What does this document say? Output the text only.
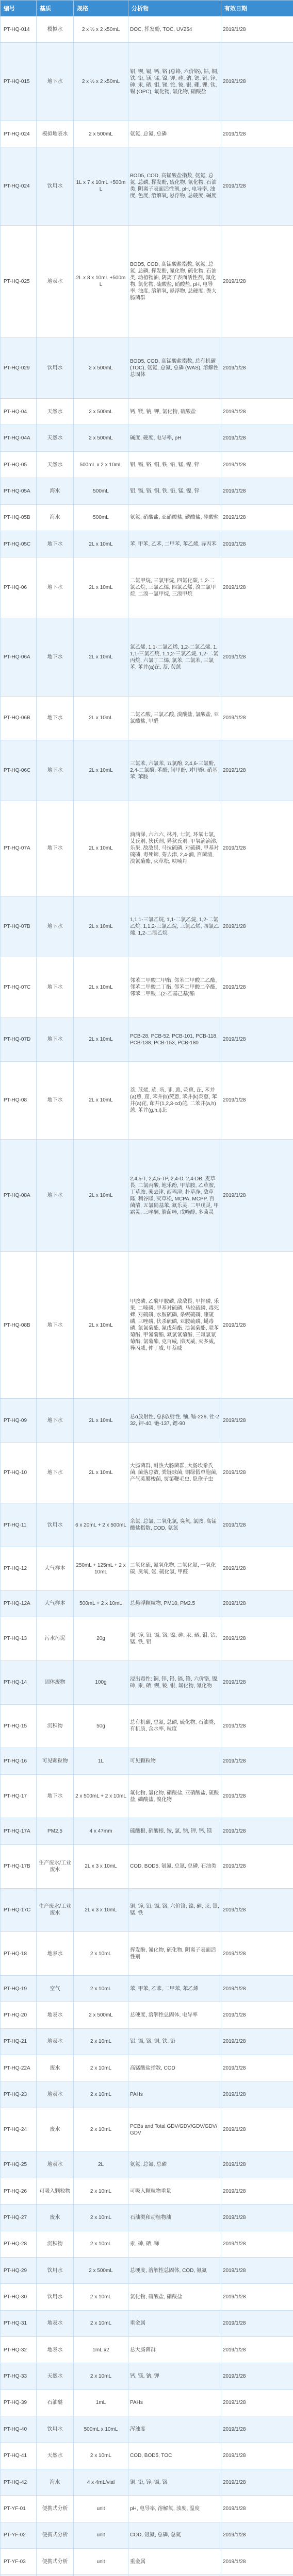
编号	基质	规格	分析物	有效日期
PT-HQ-014	模拟水	2 x ½ x 2 x50mL	DOC, 挥发酚, TOC, UV254	2019/1/28
PT-HQ-015	地下水	2 x ½ x 2 x50mL	铝, 钡, 镉, 钙, 铬 (总铬, 六价铬), 钴, 铜, 铁, 铅, 镁, 锰, 镍, 钾, 硅, 钠, 锶, 钒, 锌, 砷, 汞, 硒, 钼, 锑, 铊, 铍, 银, 硼, 锂, 钛, 锡 (OPC), 氟化物, 氯化物, 硝酸盐	2019/1/28
PT-HQ-024	模拟地表水	2 x 500mL	氨氮, 总氮, 总磷	2019/1/28
PT-HQ-024	饮用水	1L x 7 x 10mL +500mL	BOD5, COD, 高锰酸盐指数, 氨氮, 总氮, 总磷, 挥发酚, 硫化物, 氰化物, 石油类, 阴离子表面活性剂, pH, 电导率, 浊度, 色度, 溶解氧, 悬浮物, 总硬度, 碱度	2019/1/28
PT-HQ-025	地表水	2L x 8 x 10mL +500mL	BOD5, COD, 高锰酸盐指数, 氨氮, 总氮, 总磷, 挥发酚, 氰化物, 硫化物, 石油类, 动植物油, 阴离子表面活性剂, 氟化物, 氯化物, 硫酸盐, 硝酸盐, pH, 电导率, 浊度, 溶解氧, 悬浮物, 总硬度, 粪大肠菌群	2019/1/28
PT-HQ-029	饮用水	2 x 500mL	BOD5, COD, 高锰酸盐指数, 总有机碳 (TOC), 氨氮, 总氮, 总磷 (WAS), 溶解性总固体	2019/1/28
PT-HQ-04	天然水	2 x 500mL	钙, 镁, 钠, 钾, 氯化物, 硫酸盐	2019/1/28
PT-HQ-04A	天然水	2 x 500mL	碱度, 硬度, 电导率, pH	2019/1/28
PT-HQ-05	天然水	500mL x 2 x 10mL	铝, 镉, 铬, 铜, 铁, 铅, 锰, 镍, 锌	2019/1/28
PT-HQ-05A	海水	500mL	铝, 镉, 铬, 铜, 铁, 铅, 锰, 镍, 锌	2019/1/28
PT-HQ-05B	海水	500mL	氨氮, 硝酸盐, 亚硝酸盐, 磷酸盐, 硅酸盐	2019/1/28
PT-HQ-05C	地下水	2L x 10mL	苯, 甲苯, 乙苯, 二甲苯, 苯乙烯, 异丙苯	2019/1/28
PT-HQ-06	地下水	2L x 10mL	二氯甲烷, 三氯甲烷, 四氯化碳, 1,2-二氯乙烷, 三氯乙烯, 四氯乙烯, 溴二氯甲烷, 二溴一氯甲烷, 三溴甲烷	2019/1/28
PT-HQ-06A	地下水	2L x 10mL	氯乙烯, 1,1-二氯乙烯, 1,2-二氯乙烯, 1,1,1-三氯乙烷, 1,1,2-三氯乙烷, 1,2-二氯丙烷, 六氯丁二烯, 氯苯, 二氯苯, 三氯苯, 苯并(a)芘, 萘, 荧蒽	2019/1/28
PT-HQ-06B	地下水	2L x 10mL	二氯乙酸, 三氯乙酸, 溴酸盐, 氯酸盐, 亚氯酸盐, 甲醛	2019/1/28
PT-HQ-06C	地下水	2L x 10mL	三氯苯, 六氯苯, 五氯酚, 2,4,6-三氯酚, 2,4-二氯酚, 苯酚, 间甲酚, 对甲酚, 硝基苯, 苯胺	2019/1/28
PT-HQ-07A	地下水	2L x 10mL	滴滴涕, 六六六, 林丹, 七氯, 环氧七氯, 艾氏剂, 狄氏剂, 异狄氏剂, 甲氧滴滴涕, 乐果, 敌敌畏, 马拉硫磷, 对硫磷, 甲基对硫磷, 毒死蜱, 莠去津, 2,4-滴, 百菌清, 溴氰菊酯, 灭草松, 呋喃丹	2019/1/28
PT-HQ-07B	地下水	2L x 10mL	1,1,1-三氯乙烷, 1,1-二氯乙烷, 1,2-二氯乙烷, 1,1,2-三氯乙烷, 三氯乙烯, 四氯乙烯, 1,2-二溴乙烷	2019/1/28
PT-HQ-07C	地下水	2L x 10mL	邻苯二甲酸二甲酯, 邻苯二甲酸二乙酯, 邻苯二甲酸二丁酯, 邻苯二甲酸二辛酯, 邻苯二甲酸二(2-乙基己基)酯	2019/1/28
PT-HQ-07D	地下水	2L x 10mL	PCB-28, PCB-52, PCB-101, PCB-118, PCB-138, PCB-153, PCB-180	2019/1/28
PT-HQ-08	地下水	2L x 10mL	萘, 苊烯, 苊, 芴, 菲, 蒽, 荧蒽, 芘, 苯并(a)蒽, 䓛, 苯并(b)荧蒽, 苯并(k)荧蒽, 苯并(a)芘, 茚并(1,2,3-cd)芘, 二苯并(a,h)蒽, 苯并(g,h,i)苝	2019/1/28
PT-HQ-08A	地下水	2L x 10mL	2,4,5-T, 2,4,5-TP, 2,4-D, 2,4-DB, 麦草畏, 二氯丙酸, 地乐酚, 甲草胺, 乙草胺, 丁草胺, 莠去津, 西玛津, 扑草净, 敌草隆, 利谷隆, 灭草松, MCPA, MCPP, 百菌清, 五氯硝基苯, 氟乐灵, 二甲戊灵, 甲霜灵, 三唑酮, 腈菌唑, 戊唑醇, 多菌灵	2019/1/28
PT-HQ-08B	地下水	2L x 10mL	甲胺磷, 乙酰甲胺磷, 敌敌畏, 甲拌磷, 乐果, 二嗪磷, 甲基对硫磷, 马拉硫磷, 毒死蜱, 对硫磷, 水胺硫磷, 杀螟硫磷, 喹硫磷, 三唑磷, 伏杀硫磷, 亚胺硫磷, 蝇毒磷, 氯氰菊酯, 氰戊菊酯, 溴氰菊酯, 联苯菊酯, 甲氰菊酯, 氟氯氰菊酯, 三氟氯氰菊酯, 氯菊酯, 克百威, 涕灭威, 灭多威, 异丙威, 仲丁威, 甲萘威	2019/1/28
PT-HQ-09	地下水	2L x 10mL	总α放射性, 总β放射性, 铀, 镭-226, 钍-232, 钾-40, 铯-137, 锶-90	2019/1/28
PT-HQ-10	地下水	2L x 10mL	大肠菌群, 耐热大肠菌群, 大肠埃希氏菌, 菌落总数, 粪链球菌, 铜绿假单胞菌, 产气荚膜梭菌, 贾第鞭毛虫, 隐孢子虫	2019/1/28
PT-HQ-11	饮用水	6 x 20mL + 2 x 500mL	余氯, 总氯, 二氧化氯, 臭氧, 氯胺, 高锰酸盐指数, COD, 氨氮	2019/1/28
PT-HQ-12	大气样本	250mL + 125mL + 2 x 10mL	二氧化硫, 氮氧化物, 二氧化氮, 一氧化碳, 臭氧, 氨, 硫化氢, 甲醛	2019/1/28
PT-HQ-12A	大气样本	500mL + 2 x 10mL	总悬浮颗粒物, PM10, PM2.5	2019/1/28
PT-HQ-13	污水污泥	20g	铜, 锌, 铅, 镉, 铬, 镍, 砷, 汞, 硒, 钼, 钴, 锰, 铁, 铝	2019/1/28
PT-HQ-14	固体废物	100g	浸出毒性: 铜, 锌, 铅, 镉, 铬, 六价铬, 镍, 砷, 汞, 硒, 钡, 铍, 银, 氟化物, 氰化物	2019/1/28
PT-HQ-15	沉积物	50g	总有机碳, 总氮, 总磷, 硫化物, 石油类, 有机质, 含水率, 粒度	2019/1/28
PT-HQ-16	可见颗粒物	1L	可见颗粒物	2019/1/28
PT-HQ-17	地下水	2 x 500mL + 2 x 10mL	氟化物, 氯化物, 硝酸盐, 亚硝酸盐, 硫酸盐, 磷酸盐, 溴化物	2019/1/28
PT-HQ-17A	PM2.5	4 x 47mm	硫酸根, 硝酸根, 铵, 氯, 钠, 钾, 钙, 镁	2019/1/28
PT-HQ-17B	生产废水/工业废水	2L x 3 x 10mL	COD, BOD5, 氨氮, 总氮, 总磷, 石油类	2019/1/28
PT-HQ-17C	生产废水/工业废水	2L x 3 x 10mL	铜, 锌, 铅, 镉, 铬, 六价铬, 镍, 砷, 汞, 银, 锰, 铁	2019/1/28
PT-HQ-18	地表水	2 x 10mL	挥发酚, 氰化物, 硫化物, 阴离子表面活性剂	2019/1/28
PT-HQ-19	空气	2 x 10mL	苯, 甲苯, 乙苯, 二甲苯, 苯乙烯	2019/1/28
PT-HQ-20	地表水	2 x 500mL	总硬度, 溶解性总固体, 电导率	2019/1/28
PT-HQ-21	地表水	2 x 10mL	铝, 镉, 铬, 铜, 铁, 铅	2019/1/28
PT-HQ-22A	废水	2 x 10mL	高锰酸盐指数, COD	2019/1/28
PT-HQ-23	地表水	2 x 10mL	PAHs	2019/1/28
PT-HQ-24	废水	2 x 10mL	PCBs and Total GDV/GDV/GDV/GDV/GDV	2019/1/28
PT-HQ-25	地表水	2L	氨氮, 总氮, 总磷	2019/1/28
PT-HQ-26	可吸入颗粒物	2 x 10mL	可吸入颗粒物重量	2019/1/28
PT-HQ-27	废水	2 x 10mL	石油类和动植物油	2019/1/28
PT-HQ-28	沉积物	2 x 10mL	汞, 砷, 硒, 锑	2019/1/28
PT-HQ-29	饮用水	2 x 500mL	总硬度, 溶解性总固体, COD, 氨氮	2019/1/28
PT-HQ-30	饮用水	2 x 10mL	氯化物, 硫酸盐, 硝酸盐	2019/1/28
PT-HQ-31	地表水	2 x 10mL	重金属	2019/1/28
PT-HQ-32	地表水	1mL x2	总大肠菌群	2019/1/28
PT-HQ-33	天然水	2 x 10mL	钙, 镁, 钠, 钾	2019/1/28
PT-HQ-39	石油醚	1mL	PAHs	2019/1/28
PT-HQ-40	饮用水	500mL x 10mL	浑浊度	2019/1/28
PT-HQ-41	天然水	2 x 10mL	COD, BOD5, TOC	2019/1/28
PT-HQ-42	海水	4 x 4mL/vial	铜, 铅, 锌, 镉, 铬	2019/1/28
PT-YF-01	便携式分析	unit	pH, 电导率, 溶解氧, 浊度, 温度	2019/1/28
PT-YF-02	便携式分析	unit	COD, 氨氮, 总磷, 总氮	2019/1/28
PT-YF-03	便携式分析	unit	重金属	2019/1/28
